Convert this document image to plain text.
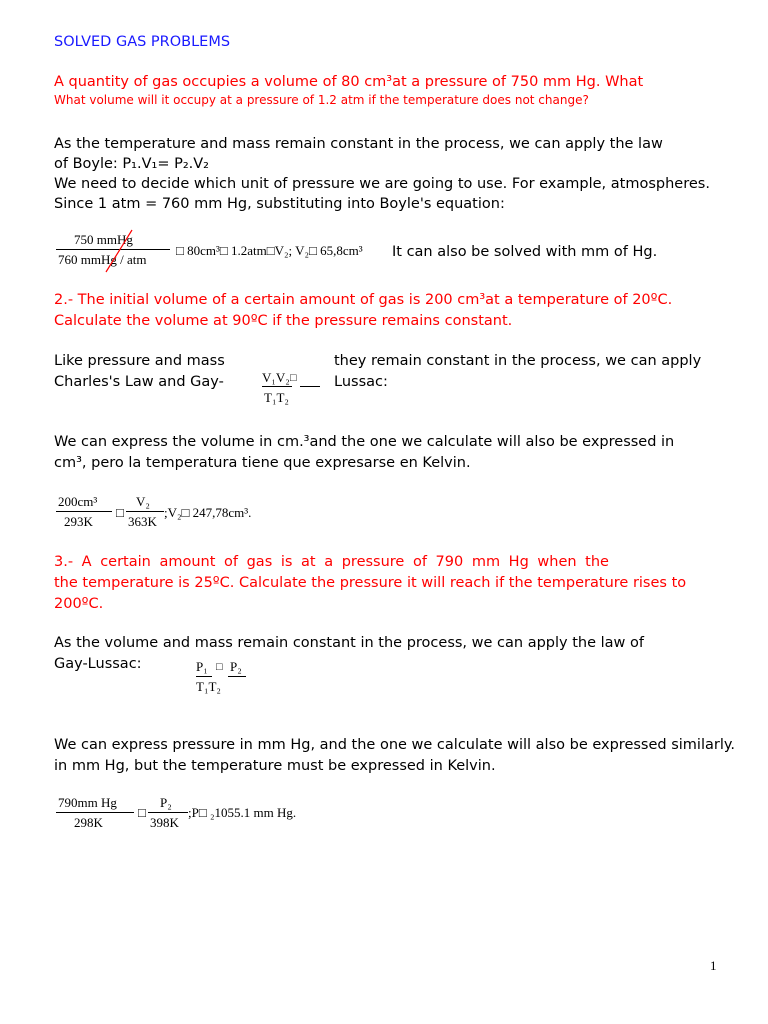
SOLVED GAS PROBLEMS
A quantity of gas occupies a volume of 80 cm³at a pressure of 750 mm Hg. What
What volume will it occupy at a pressure of 1.2 atm if the temperature does not change?
As the temperature and mass remain constant in the process, we can apply the law
of Boyle: P₁.V₁= P₂.V₂
We need to decide which unit of pressure we are going to use. For example, atmospheres.
Since 1 atm = 760 mm Hg, substituting into Boyle's equation:
750 mmHg
760 mmHg / atm
□ 80cm³□ 1.2atm□V₂; V₂□ 65,8cm³ It can also be solved with mm of Hg.
2.- The initial volume of a certain amount of gas is 200 cm³at a temperature of 20ºC.
Calculate the volume at 90ºC if the pressure remains constant.
Like pressure and mass	they remain constant in the process, we can apply
Charles's Law and Gay-	Lussac:
V₁V₂ □
T₁T₂
We can express the volume in cm.³and the one we calculate will also be expressed in
cm³, pero la temperatura tiene que expresarse en Kelvin.
200cm³
293K
□
V₂
363K
;V₂□ 247,78cm³.
3.- A certain amount of gas is at a pressure of 790 mm Hg when the
the temperature is 25ºC. Calculate the pressure it will reach if the temperature rises to
200ºC.
As the volume and mass remain constant in the process, we can apply the law of
Gay-Lussac:	P₁ □ P₂
T₁T₂
We can express pressure in mm Hg, and the one we calculate will also be expressed similarly.
in mm Hg, but the temperature must be expressed in Kelvin.
790mm Hg
298K
□
P₂
398K
;P□ ₂1055.1 mm Hg.
1
